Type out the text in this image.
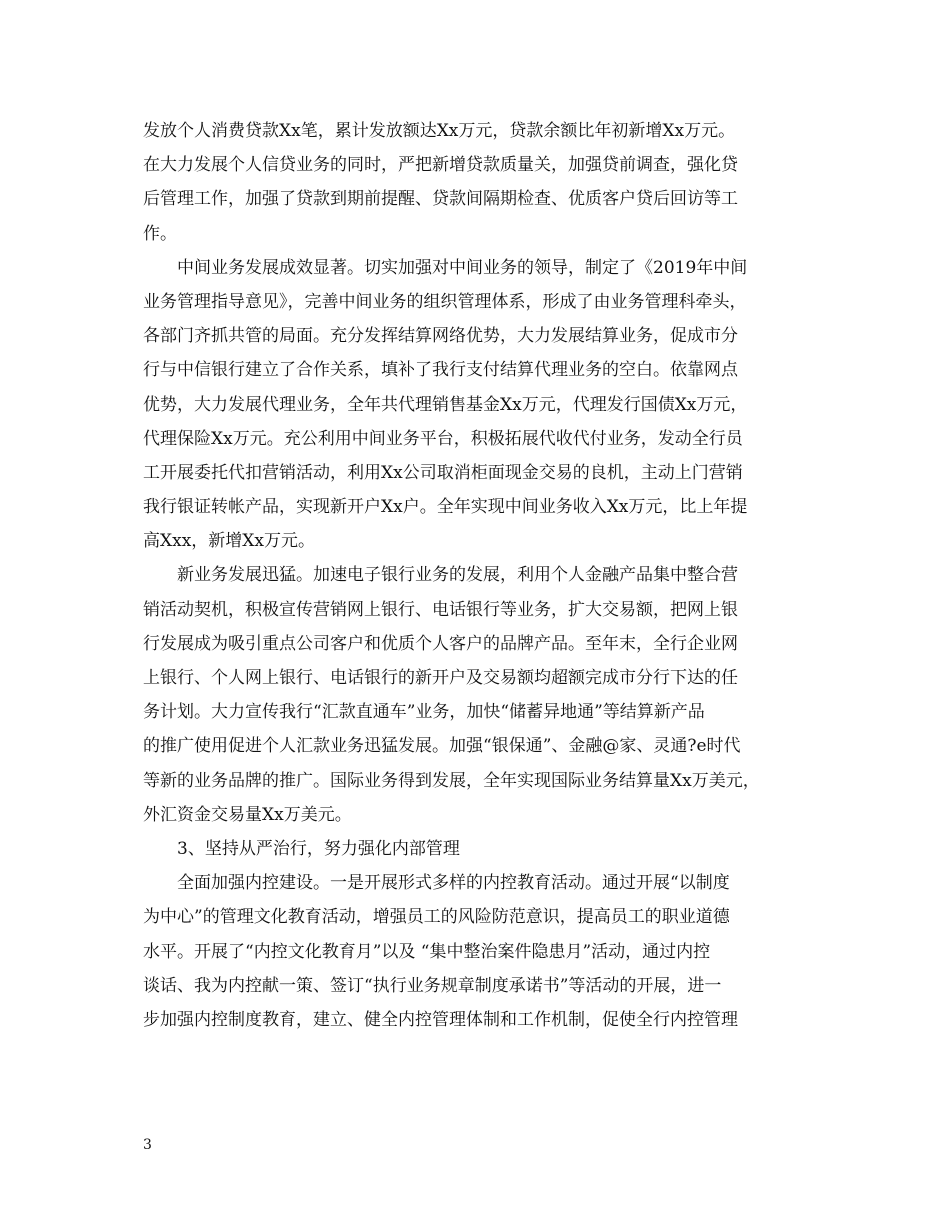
发放个人消费贷款Xx笔，累计发放额达Xx万元，贷款余额比年初新增Xx万元。
在大力发展个人信贷业务的同时，严把新增贷款质量关，加强贷前调查，强化贷
后管理工作，加强了贷款到期前提醒、贷款间隔期检查、优质客户贷后回访等工
作。
中间业务发展成效显著。切实加强对中间业务的领导，制定了《2019年中间
业务管理指导意见》，完善中间业务的组织管理体系，形成了由业务管理科牵头，
各部门齐抓共管的局面。充分发挥结算网络优势，大力发展结算业务，促成市分
行与中信银行建立了合作关系，填补了我行支付结算代理业务的空白。依靠网点
优势，大力发展代理业务，全年共代理销售基金Xx万元，代理发行国债Xx万元，
代理保险Xx万元。充公利用中间业务平台，积极拓展代收代付业务，发动全行员
工开展委托代扣营销活动，利用Xx公司取消柜面现金交易的良机，主动上门营销
我行银证转帐产品，实现新开户Xx户。全年实现中间业务收入Xx万元，比上年提
高Xxx，新增Xx万元。
新业务发展迅猛。加速电子银行业务的发展，利用个人金融产品集中整合营
销活动契机，积极宣传营销网上银行、电话银行等业务，扩大交易额，把网上银
行发展成为吸引重点公司客户和优质个人客户的品牌产品。至年末，全行企业网
上银行、个人网上银行、电话银行的新开户及交易额均超额完成市分行下达的任
务计划。大力宣传我行“汇款直通车”业务，加快“储蓄异地通”等结算新产品
的推广使用促进个人汇款业务迅猛发展。加强“银保通”、金融@家、灵通?e时代
等新的业务品牌的推广。国际业务得到发展，全年实现国际业务结算量Xx万美元，
外汇资金交易量Xx万美元。
3、坚持从严治行，努力强化内部管理
全面加强内控建设。一是开展形式多样的内控教育活动。通过开展“以制度
为中心”的管理文化教育活动，增强员工的风险防范意识，提高员工的职业道德
水平。开展了“内控文化教育月”以及 “集中整治案件隐患月”活动，通过内控
谈话、我为内控献一策、签订“执行业务规章制度承诺书”等活动的开展，进一
步加强内控制度教育，建立、健全内控管理体制和工作机制，促使全行内控管理
3
